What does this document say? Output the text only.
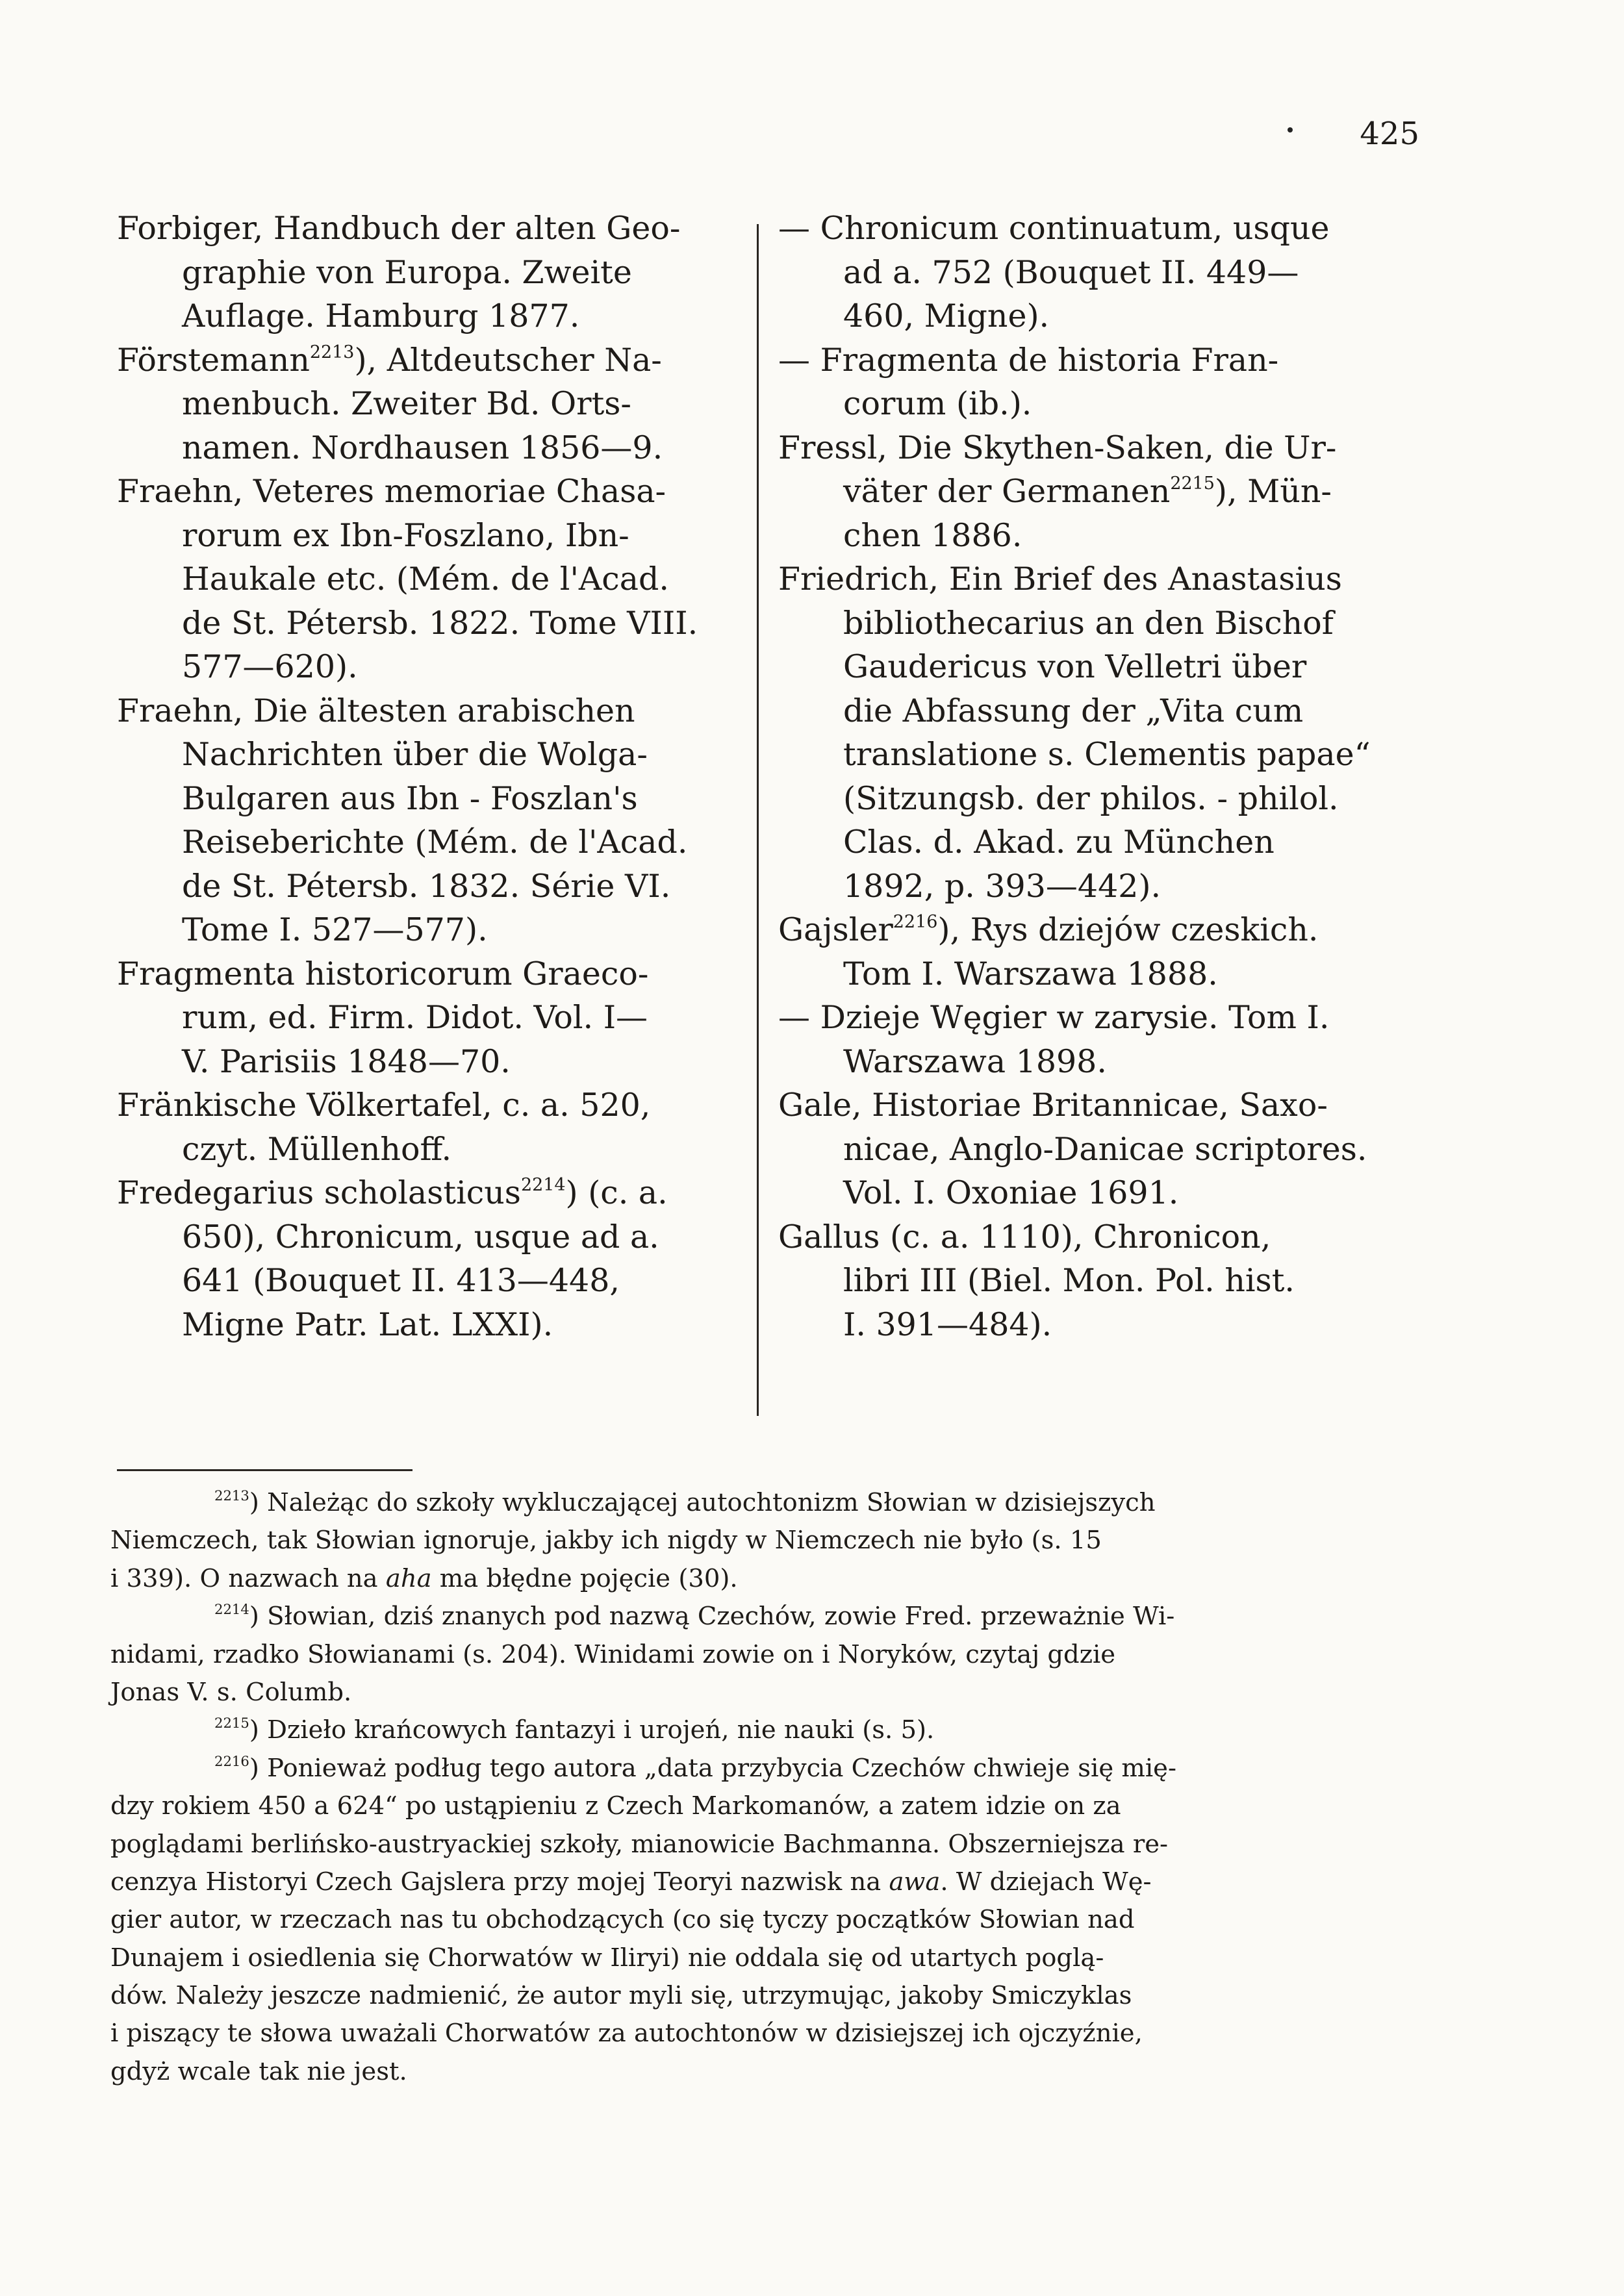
425
Forbiger, Handbuch der alten Geo-
graphie von Europa. Zweite
Auflage. Hamburg 1877.
Förstemann$^{2213}$), Altdeutscher Na-
menbuch. Zweiter Bd. Orts-
namen. Nordhausen 1856—9.
Fraehn, Veteres memoriae Chasa-
rorum ex Ibn-Foszlano, Ibn-
Haukale etc. (Mém. de l'Acad.
de St. Pétersb. 1822. Tome VIII.
577—620).
Fraehn, Die ältesten arabischen
Nachrichten über die Wolga-
Bulgaren aus Ibn - Foszlan's
Reiseberichte (Mém. de l'Acad.
de St. Pétersb. 1832. Série VI.
Tome I. 527—577).
Fragmenta historicorum Graeco-
rum, ed. Firm. Didot. Vol. I—
V. Parisiis 1848—70.
Fränkische Völkertafel, c. a. 520,
czyt. Müllenhoff.
Fredegarius scholasticus$^{2214}$) (c. a.
650), Chronicum, usque ad a.
641 (Bouquet II. 413—448,
Migne Patr. Lat. LXXI).
— Chronicum continuatum, usque
ad a. 752 (Bouquet II. 449—
460, Migne).
— Fragmenta de historia Fran-
corum (ib.).
Fressl, Die Skythen-Saken, die Ur-
väter der Germanen$^{2215}$), Mün-
chen 1886.
Friedrich, Ein Brief des Anastasius
bibliothecarius an den Bischof
Gaudericus von Velletri über
die Abfassung der „Vita cum
translatione s. Clementis papae“
(Sitzungsb. der philos. - philol.
Clas. d. Akad. zu München
1892, p. 393—442).
Gajsler$^{2216}$), Rys dziejów czeskich.
Tom I. Warszawa 1888.
— Dzieje Węgier w zarysie. Tom I.
Warszawa 1898.
Gale, Historiae Britannicae, Saxo-
nicae, Anglo-Danicae scriptores.
Vol. I. Oxoniae 1691.
Gallus (c. a. 1110), Chronicon,
libri III (Biel. Mon. Pol. hist.
I. 391—484).
$^{2213}$) Należąc do szkoły wykluczającej autochtonizm Słowian w dzisiejszych
Niemczech, tak Słowian ignoruje, jakby ich nigdy w Niemczech nie było (s. 15
i 339). O nazwach na aha ma błędne pojęcie (30).
$^{2214}$) Słowian, dziś znanych pod nazwą Czechów, zowie Fred. przeważnie Wi-
nidami, rzadko Słowianami (s. 204). Winidami zowie on i Noryków, czytaj gdzie
Jonas V. s. Columb.
$^{2215}$) Dzieło krańcowych fantazyi i urojeń, nie nauki (s. 5).
$^{2216}$) Ponieważ podług tego autora „data przybycia Czechów chwieje się mię-
dzy rokiem 450 a 624“ po ustąpieniu z Czech Markomanów, a zatem idzie on za
poglądami berlińsko-austryackiej szkoły, mianowicie Bachmanna. Obszerniejsza re-
cenzya Historyi Czech Gajslera przy mojej Teoryi nazwisk na awa. W dziejach Wę-
gier autor, w rzeczach nas tu obchodzących (co się tyczy początków Słowian nad
Dunajem i osiedlenia się Chorwatów w Iliryi) nie oddala się od utartych poglą-
dów. Należy jeszcze nadmienić, że autor myli się, utrzymując, jakoby Smiczyklas
i piszący te słowa uważali Chorwatów za autochtonów w dzisiejszej ich ojczyźnie,
gdyż wcale tak nie jest.
